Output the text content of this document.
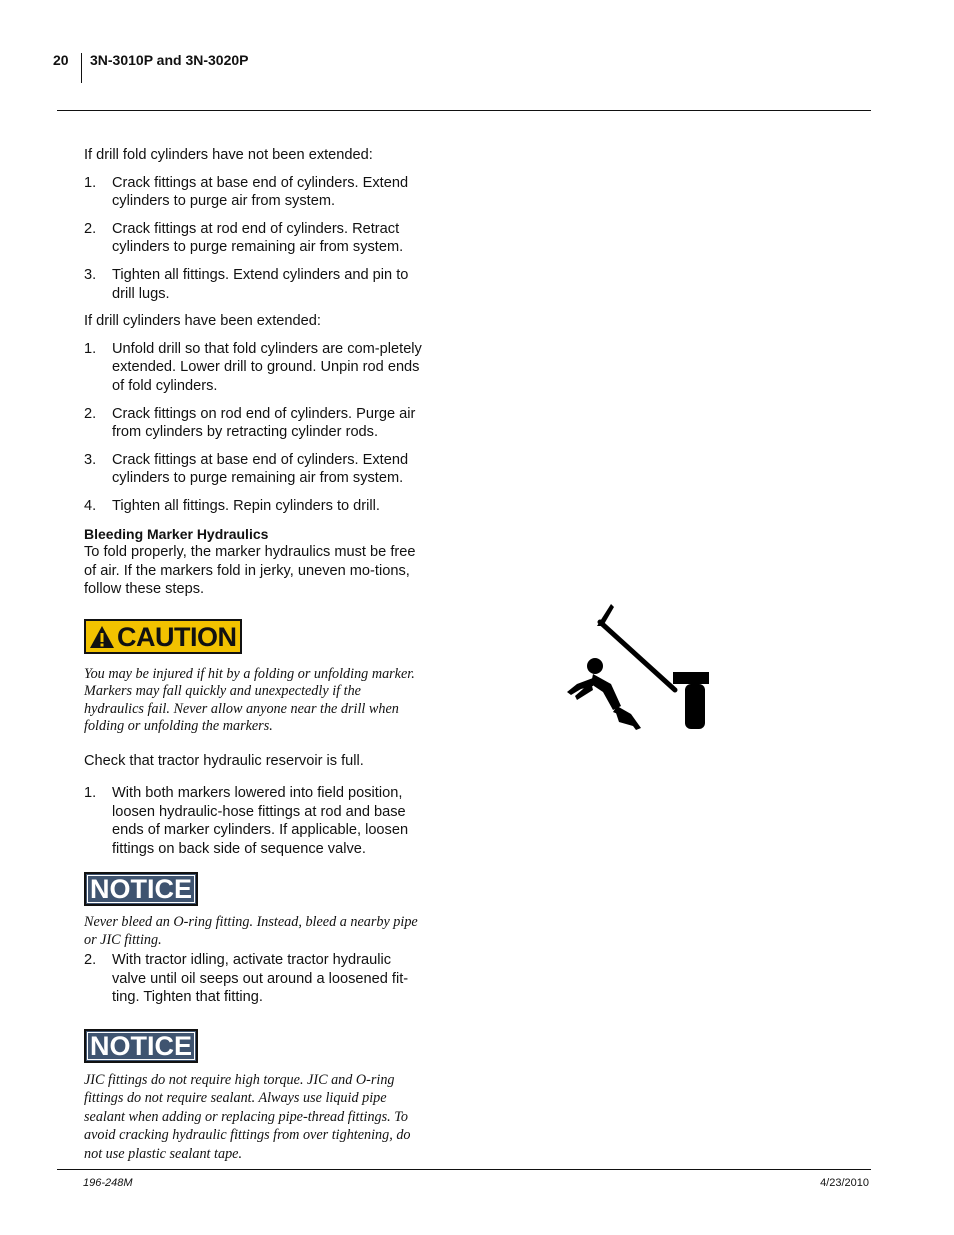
20 3N-3010P and 3N-3020P

If drill fold cylinders have not been extended:

1. Crack fittings at base end of cylinders. Extend cylinders to purge air from system.
2. Crack fittings at rod end of cylinders. Retract cylinders to purge remaining air from system.
3. Tighten all fittings. Extend cylinders and pin to drill lugs.

If drill cylinders have been extended:

1. Unfold drill so that fold cylinders are com-pletely extended. Lower drill to ground. Unpin rod ends of fold cylinders.
2. Crack fittings on rod end of cylinders. Purge air from cylinders by retracting cylinder rods.
3. Crack fittings at base end of cylinders. Extend cylinders to purge remaining air from system.
4. Tighten all fittings. Repin cylinders to drill.

Bleeding Marker Hydraulics

To fold properly, the marker hydraulics must be free of air. If the markers fold in jerky, uneven mo-tions, follow these steps.

CAUTION

You may be injured if hit by a folding or unfolding marker. Markers may fall quickly and unexpectedly if the hydraulics fail. Never allow anyone near the drill when folding or unfolding the markers.

Check that tractor hydraulic reservoir is full.

1. With both markers lowered into field position, loosen hydraulic-hose fittings at rod and base ends of marker cylinders. If applicable, loosen fittings on back side of sequence valve.
NOTICE

Never bleed an O-ring fitting. Instead, bleed a nearby pipe or JIC fitting.

2. With tractor idling, activate tractor hydraulic valve until oil seeps out around a loosened fit-ting. Tighten that fitting.
NOTICE

JIC fittings do not require high torque. JIC and O-ring fittings do not require sealant. Always use liquid pipe sealant when adding or replacing pipe-thread fittings. To avoid cracking hydraulic fittings from over tightening, do not use plastic sealant tape.

196-248M	4/23/2010
